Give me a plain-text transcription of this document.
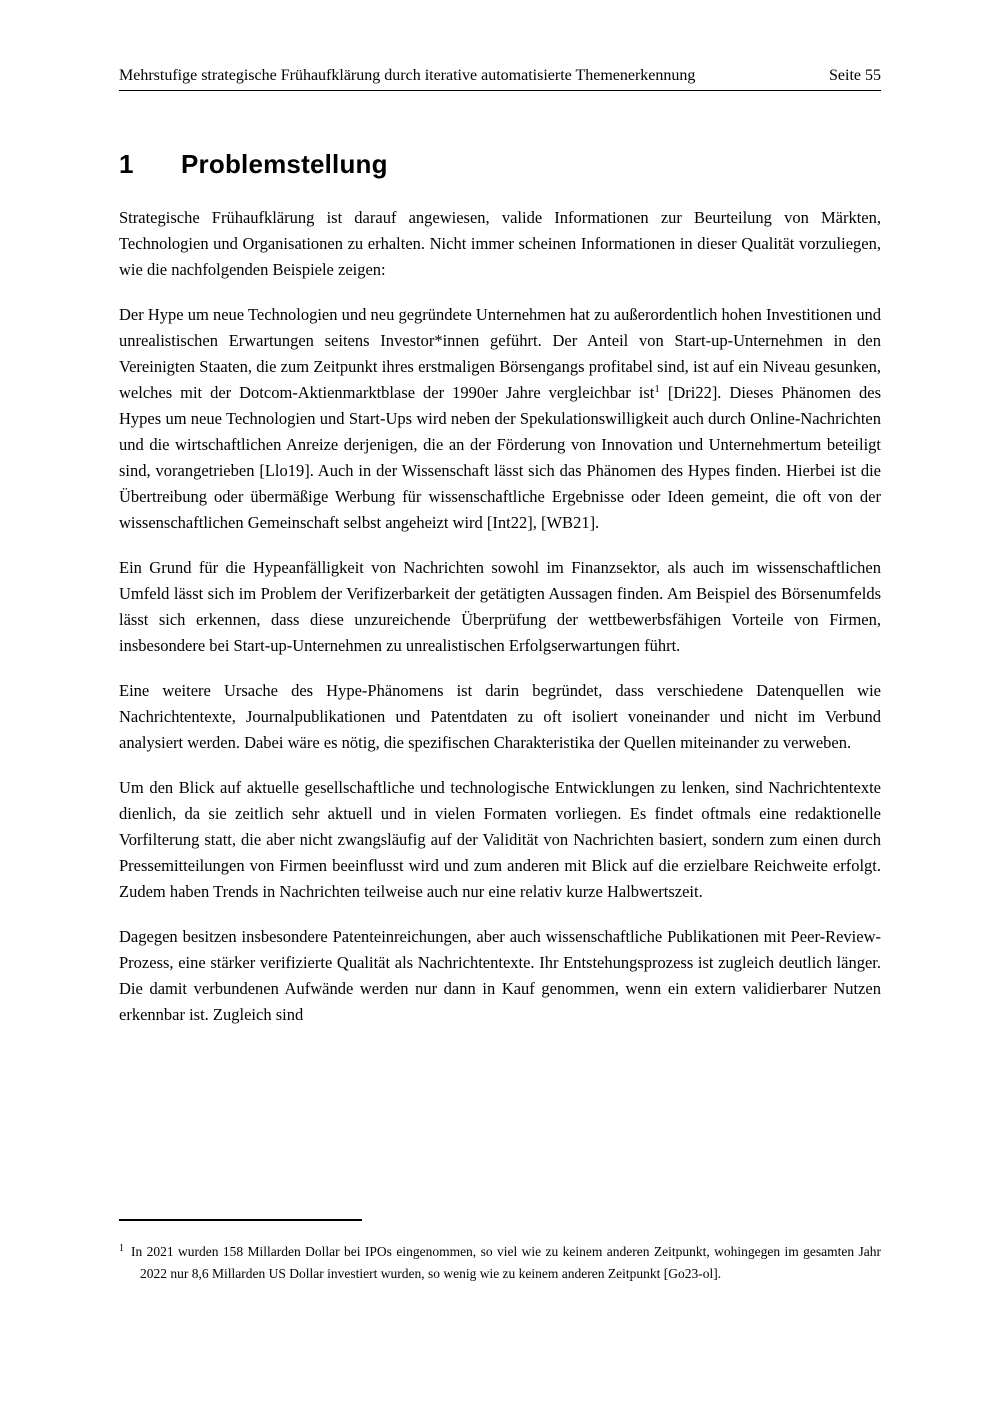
Mehrstufige strategische Frühaufklärung durch iterative automatisierte Themenerkennung	Seite 55
1	Problemstellung

Strategische Frühaufklärung ist darauf angewiesen, valide Informationen zur Beurteilung von Märkten, Technologien und Organisationen zu erhalten. Nicht immer scheinen Informationen in dieser Qualität vorzuliegen, wie die nachfolgenden Beispiele zeigen:

Der Hype um neue Technologien und neu gegründete Unternehmen hat zu außerordentlich hohen Investitionen und unrealistischen Erwartungen seitens Investor*innen geführt. Der Anteil von Start-up-Unternehmen in den Vereinigten Staaten, die zum Zeitpunkt ihres erstmaligen Börsengangs profitabel sind, ist auf ein Niveau gesunken, welches mit der Dotcom-Aktienmarktblase der 1990er Jahre vergleichbar ist$^1$ [Dri22]. Dieses Phänomen des Hypes um neue Technologien und Start-Ups wird neben der Spekulationswilligkeit auch durch Online-Nachrichten und die wirtschaftlichen Anreize derjenigen, die an der Förderung von Innovation und Unternehmertum beteiligt sind, vorangetrieben [Llo19]. Auch in der Wissenschaft lässt sich das Phänomen des Hypes finden. Hierbei ist die Übertreibung oder übermäßige Werbung für wissenschaftliche Ergebnisse oder Ideen gemeint, die oft von der wissenschaftlichen Gemeinschaft selbst angeheizt wird [Int22], [WB21].

Ein Grund für die Hypeanfälligkeit von Nachrichten sowohl im Finanzsektor, als auch im wissenschaftlichen Umfeld lässt sich im Problem der Verifizerbarkeit der getätigten Aussagen finden. Am Beispiel des Börsenumfelds lässt sich erkennen, dass diese unzureichende Überprüfung der wettbewerbsfähigen Vorteile von Firmen, insbesondere bei Start-up-Unternehmen zu unrealistischen Erfolgserwartungen führt.

Eine weitere Ursache des Hype-Phänomens ist darin begründet, dass verschiedene Datenquellen wie Nachrichtentexte, Journalpublikationen und Patentdaten zu oft isoliert voneinander und nicht im Verbund analysiert werden. Dabei wäre es nötig, die spezifischen Charakteristika der Quellen miteinander zu verweben.

Um den Blick auf aktuelle gesellschaftliche und technologische Entwicklungen zu lenken, sind Nachrichtentexte dienlich, da sie zeitlich sehr aktuell und in vielen Formaten vorliegen. Es findet oftmals eine redaktionelle Vorfilterung statt, die aber nicht zwangsläufig auf der Validität von Nachrichten basiert, sondern zum einen durch Pressemitteilungen von Firmen beeinflusst wird und zum anderen mit Blick auf die erzielbare Reichweite erfolgt. Zudem haben Trends in Nachrichten teilweise auch nur eine relativ kurze Halbwertszeit.

Dagegen besitzen insbesondere Patenteinreichungen, aber auch wissenschaftliche Publikationen mit Peer-Review-Prozess, eine stärker verifizierte Qualität als Nachrichtentexte. Ihr Entstehungsprozess ist zugleich deutlich länger. Die damit verbundenen Aufwände werden nur dann in Kauf genommen, wenn ein extern validierbarer Nutzen erkennbar ist. Zugleich sind

$^1$ In 2021 wurden 158 Millarden Dollar bei IPOs eingenommen, so viel wie zu keinem anderen Zeitpunkt, wohingegen im gesamten Jahr 2022 nur 8,6 Millarden US Dollar investiert wurden, so wenig wie zu keinem anderen Zeitpunkt [Go23-ol].
